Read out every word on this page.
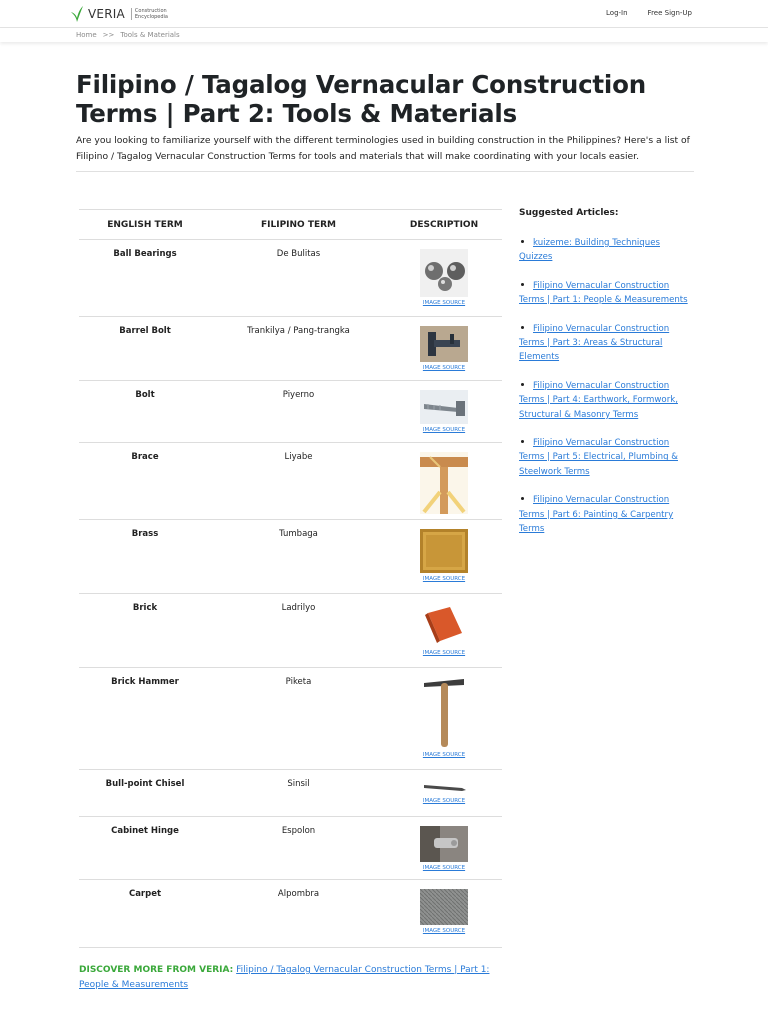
VERIA	Construction Encyclopedia	Log-In	Free Sign-Up
Home >> Tools & Materials
Filipino / Tagalog Vernacular Construction Terms | Part 2: Tools & Materials

Are you looking to familiarize yourself with the different terminologies used in building construction in the Philippines? Here's a list of Filipino / Tagalog Vernacular Construction Terms for tools and materials that will make coordinating with your locals easier.

ENGLISH TERM	FILIPINO TERM	DESCRIPTION
Ball Bearings	De Bulitas	IMAGE SOURCE

Barrel Bolt	Trankilya / Pang-trangka	IMAGE SOURCE

Bolt	Piyerno	IMAGE SOURCE

Brace	Liyabe	

Brass	Tumbaga	IMAGE SOURCE

Brick	Ladrilyo	IMAGE SOURCE

Brick Hammer	Piketa	IMAGE SOURCE

Bull-point Chisel	Sinsil	IMAGE SOURCE

Cabinet Hinge	Espolon	IMAGE SOURCE

Carpet	Alpombra	IMAGE SOURCE
Suggested Articles:
kuizeme: Building Techniques Quizzes
Filipino Vernacular Construction Terms | Part 1: People & Measurements
Filipino Vernacular Construction Terms | Part 3: Areas & Structural Elements
Filipino Vernacular Construction Terms | Part 4: Earthwork, Formwork, Structural & Masonry Terms
Filipino Vernacular Construction Terms | Part 5: Electrical, Plumbing & Steelwork Terms
Filipino Vernacular Construction Terms | Part 6: Painting & Carpentry Terms

DISCOVER MORE FROM VERIA: Filipino / Tagalog Vernacular Construction Terms | Part 1: People & Measurements
